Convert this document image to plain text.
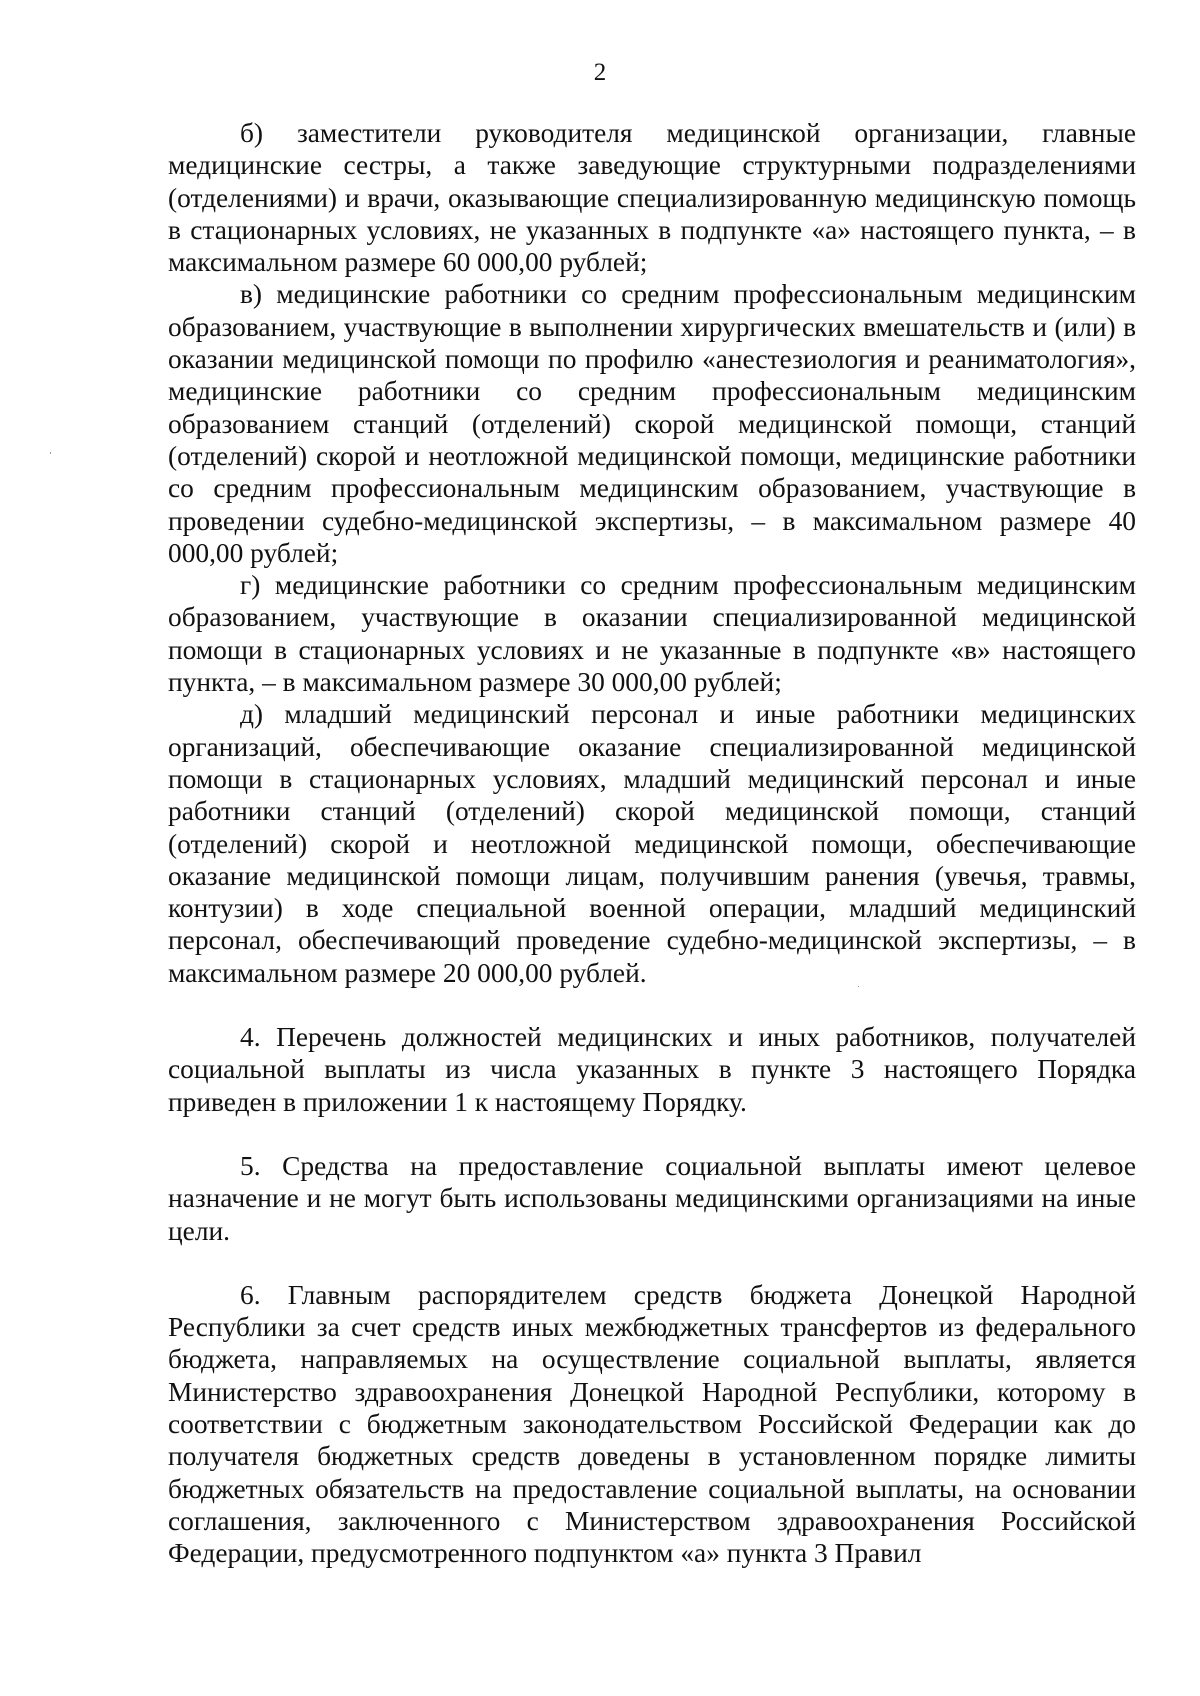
2

б) заместители руководителя медицинской организации, главные медицинские сестры, а также заведующие структурными подразделениями (отделениями) и врачи, оказывающие специализированную медицинскую помощь в стационарных условиях, не указанных в подпункте «а» настоящего пункта, – в максимальном размере 60 000,00 рублей;

в) медицинские работники со средним профессиональным медицинским образованием, участвующие в выполнении хирургических вмешательств и (или) в оказании медицинской помощи по профилю «анестезиология и реаниматология», медицинские работники со средним профессиональным медицинским образованием станций (отделений) скорой медицинской помощи, станций (отделений) скорой и неотложной медицинской помощи, медицинские работники со средним профессиональным медицинским образованием, участвующие в проведении судебно-медицинской экспертизы, – в максимальном размере 40 000,00 рублей;

г) медицинские работники со средним профессиональным медицинским образованием, участвующие в оказании специализированной медицинской помощи в стационарных условиях и не указанные в подпункте «в» настоящего пункта, – в максимальном размере 30 000,00 рублей;

д) младший медицинский персонал и иные работники медицинских организаций, обеспечивающие оказание специализированной медицинской помощи в стационарных условиях, младший медицинский персонал и иные работники станций (отделений) скорой медицинской помощи, станций (отделений) скорой и неотложной медицинской помощи, обеспечивающие оказание медицинской помощи лицам, получившим ранения (увечья, травмы, контузии) в ходе специальной военной операции, младший медицинский персонал, обеспечивающий проведение судебно-медицинской экспертизы, – в максимальном размере 20 000,00 рублей.

4. Перечень должностей медицинских и иных работников, получателей социальной выплаты из числа указанных в пункте 3 настоящего Порядка приведен в приложении 1 к настоящему Порядку.

5. Средства на предоставление социальной выплаты имеют целевое назначение и не могут быть использованы медицинскими организациями на иные цели.

6. Главным распорядителем средств бюджета Донецкой Народной Республики за счет средств иных межбюджетных трансфертов из федерального бюджета, направляемых на осуществление социальной выплаты, является Министерство здравоохранения Донецкой Народной Республики, которому в соответствии с бюджетным законодательством Российской Федерации как до получателя бюджетных средств доведены в установленном порядке лимиты бюджетных обязательств на предоставление социальной выплаты, на основании соглашения, заключенного с Министерством здравоохранения Российской Федерации, предусмотренного подпунктом «а» пункта 3 Правил
